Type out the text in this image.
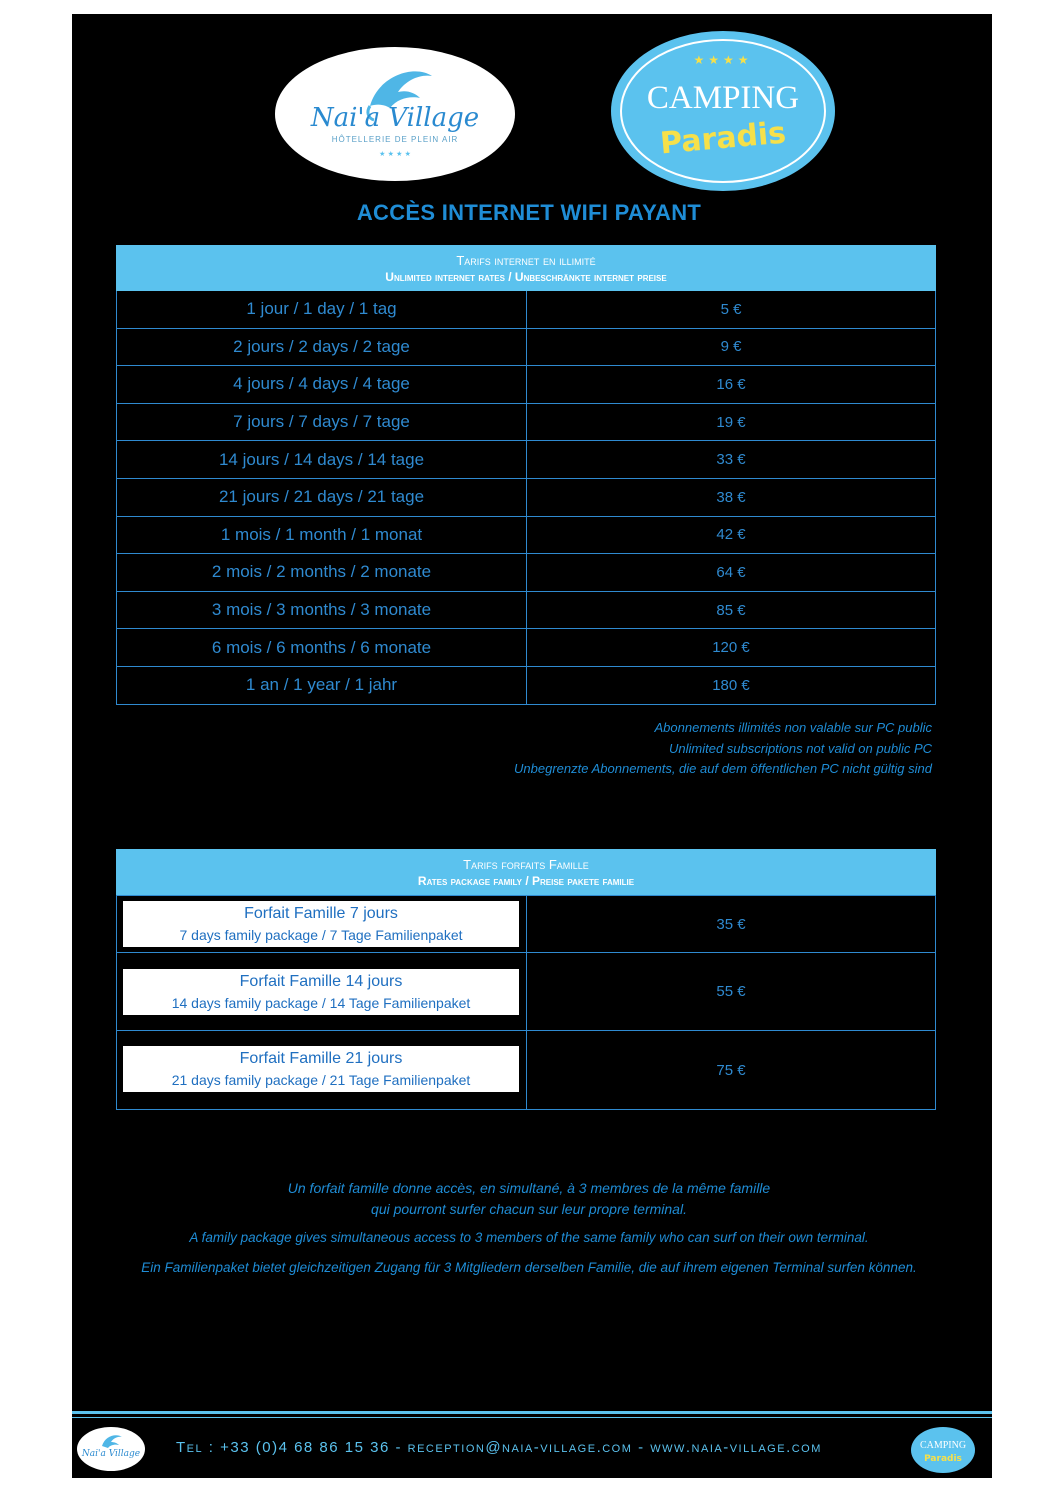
Nai'a Village
HÔTELLERIE DE PLEIN AIR
★ ★ ★ ★
★★★★
CAMPING
Paradis
ACCÈS INTERNET WIFI PAYANT
Tarifs internet en illimité
Unlimited internet rates / Unbeschränkte internet preise
1 jour / 1 day / 1 tag	5 €
2 jours / 2 days / 2 tage	9 €
4 jours / 4 days / 4 tage	16 €
7 jours / 7 days / 7 tage	19 €
14 jours / 14 days / 14 tage	33 €
21 jours / 21 days / 21 tage	38 €
1 mois / 1 month / 1 monat	42 €
2 mois / 2 months / 2 monate	64 €
3 mois / 3 months / 3 monate	85 €
6 mois / 6 months / 6 monate	120 €
1 an / 1 year / 1 jahr	180 €
Abonnements illimités non valable sur PC public
Unlimited subscriptions not valid on public PC
Unbegrenzte Abonnements, die auf dem öffentlichen PC nicht gültig sind
Tarifs forfaits Famille
Rates package family / Preise pakete familie
Forfait Famille 7 jours
7 days family package / 7 Tage Familienpaket
35 €
Forfait Famille 14 jours
14 days family package / 14 Tage Familienpaket
55 €
Forfait Famille 21 jours
21 days family package / 21 Tage Familienpaket
75 €
Un forfait famille donne accès, en simultané, à 3 membres de la même famille
qui pourront surfer chacun sur leur propre terminal.
A family package gives simultaneous access to 3 members of the same family who can surf on their own terminal.
Ein Familienpaket bietet gleichzeitigen Zugang für 3 Mitgliedern derselben Familie, die auf ihrem eigenen Terminal surfen können.
Nai'a Village Tel : +33 (0)4 68 86 15 36 - reception@naia-village.com - www.naia-village.com	CAMPING
Paradis
